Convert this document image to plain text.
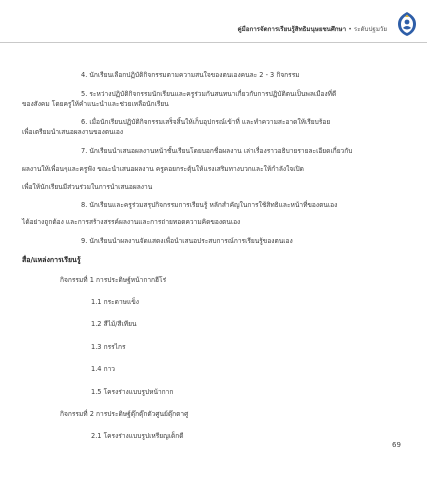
คู่มือการจัดการเรียนรู้สิทธิมนุษยชนศึกษา • ระดับปฐมวัย

4. นักเรียนเลือกปฏิบัติกิจกรรมตามความสนใจของตนเองคนละ 2 - 3 กิจกรรม

5. ระหว่างปฏิบัติกิจกรรมนักเรียนและครูร่วมกันสนทนาเกี่ยวกับการปฏิบัติตนเป็นพลเมืองที่ดี

ของสังคม โดยครูให้คำแนะนำและช่วยเหลือนักเรียน

6. เมื่อนักเรียนปฏิบัติกิจกรรมเสร็จสิ้นให้เก็บอุปกรณ์เข้าที่ และทำความสะอาดให้เรียบร้อย

เพื่อเตรียมนำเสนอผลงานของตนเอง

7. นักเรียนนำเสนอผลงานหน้าชั้นเรียนโดยบอกชื่อผลงาน เล่าเรื่องราวอธิบายรายละเอียดเกี่ยวกับ

ผลงานให้เพื่อนๆและครูฟัง ขณะนำเสนอผลงาน ครูคอยกระตุ้นให้แรงเสริมทางบวกและให้กำลังใจเปิด

เพื่อให้นักเรียนมีส่วนร่วมในการนำเสนอผลงาน

8. นักเรียนและครูร่วมสรุปกิจกรรมการเรียนรู้ หลักสำคัญในการใช้สิทธิและหน้าที่ของตนเอง

ได้อย่างถูกต้อง และการสร้างสรรค์ผลงานและการถ่ายทอดความคิดของตนเอง

9. นักเรียนนำผลงานจัดแสดงเพื่อนำเสนอประสบการณ์การเรียนรู้ของตนเอง

สื่อ/แหล่งการเรียนรู้

กิจกรรมที่ 1 การประดิษฐ์หน้ากากฮีโร่

1.1 กระดาษแข็ง

1.2 สีไม้/สีเทียน

1.3 กรรไกร

1.4 กาว

1.5 โครงร่างแบบรูปหน้ากาก

กิจกรรมที่ 2 การประดิษฐ์ตุ๊กตุ๊กตัวศูนย์ตุ๊กตาศู

2.1 โครงร่างแบบรูปเหรียญเด็กดี

69
